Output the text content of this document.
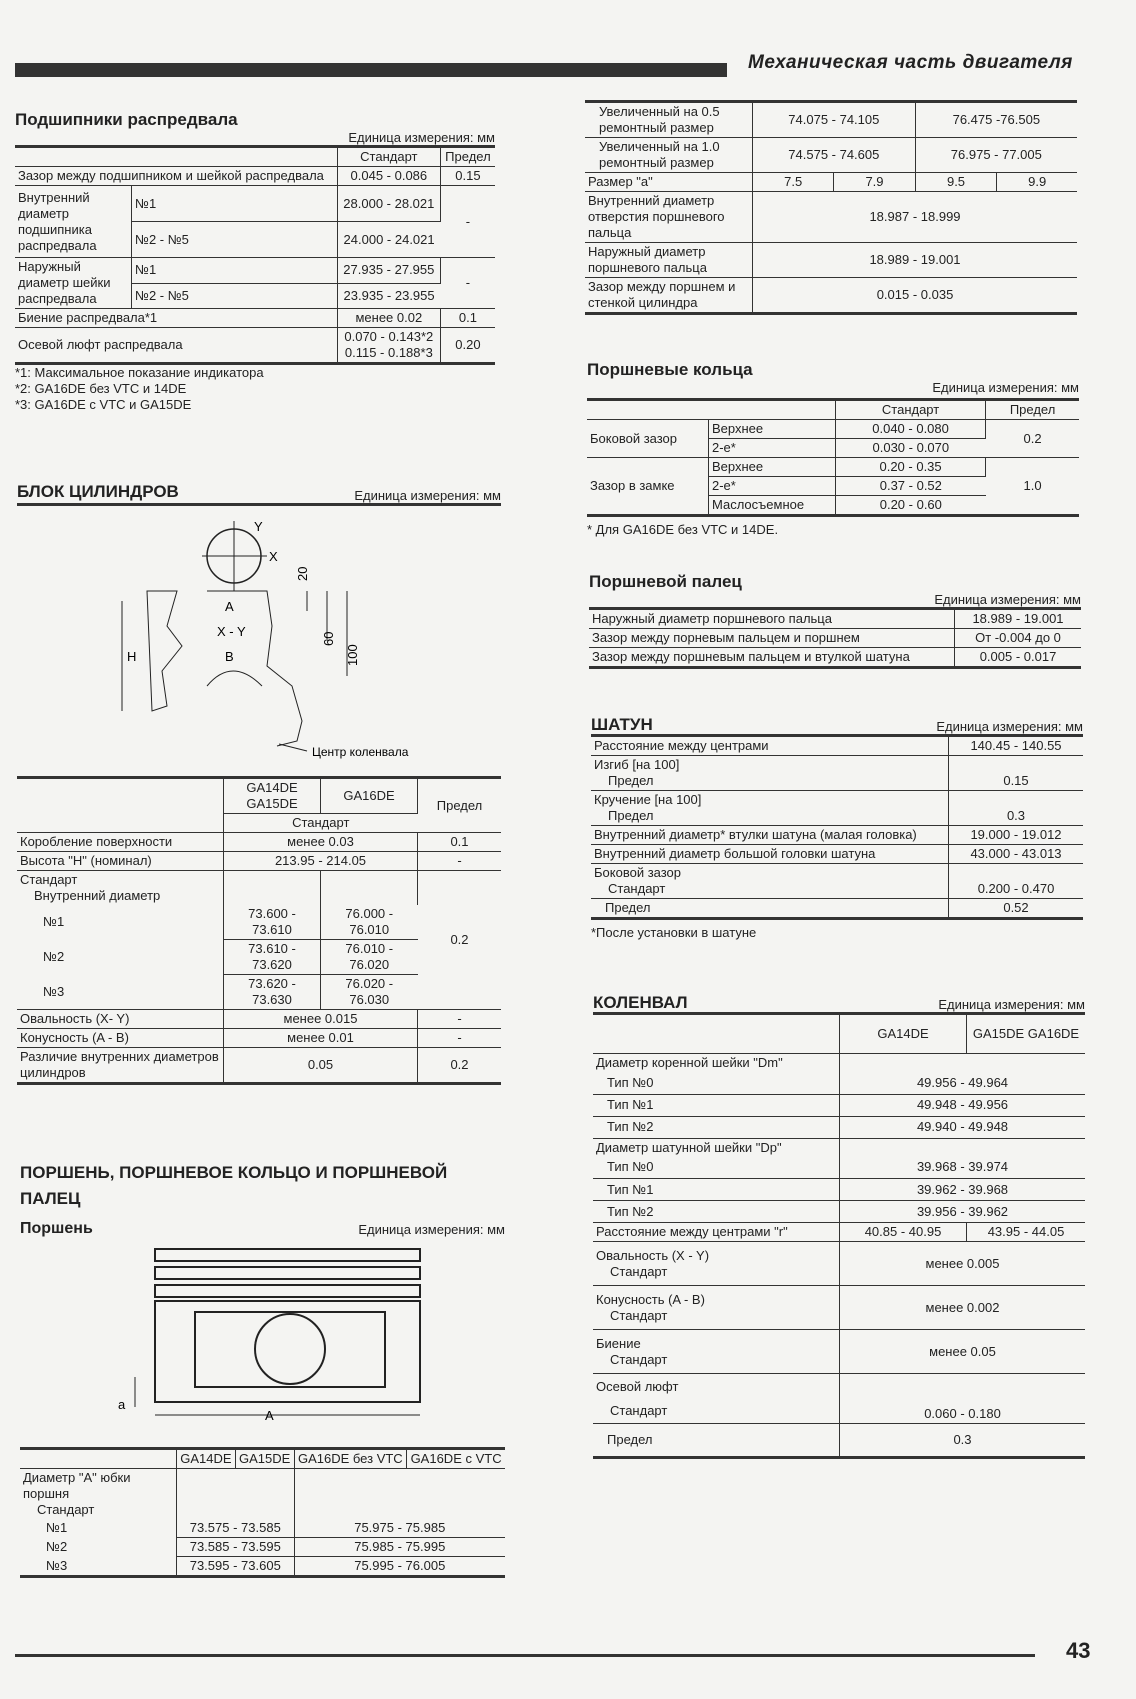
Механическая часть двигателя
Подшипники распредвала
Единица измерения: мм
		Стандарт	Предел
Зазор между подшипником и шейкой распредвала		0.045 - 0.086	0.15
Внутренний диаметр подшипника распредвала	№1	28.000 - 28.021	-
	№2 - №5	24.000 - 24.021	
Наружный диаметр шейки распредвала	№1	27.935 - 27.955	-
	№2 - №5	23.935 - 23.955	
Биение распредвала*1		менее 0.02	0.1
Осевой люфт распредвала		0.070 - 0.143*2
0.115 - 0.188*3	0.20
*1: Максимальное показание индикатора
*2: GA16DE без VTC и 14DE
*3: GA16DE с VTC и GA15DE
БЛОК ЦИЛИНДРОВ	Единица измерения: мм
Y
X
H
A
X - Y
B
20
60
100
Центр коленвала
	GA14DE GA15DE	GA16DE	Предел
	Стандарт		
Коробление поверхности	менее 0.03		0.1
Высота "H" (номинал)	213.95 - 214.05		-

Стандарт
Внутренний диаметр			0.2
№1	73.600 - 73.610	76.000 - 76.010	
№2	73.610 - 73.620	76.010 - 76.020	
№3	73.620 - 73.630	76.020 - 76.030	
Овальность (X- Y)	менее 0.015		-
Конусность (A - B)	менее 0.01		-
Различие внутренних диаметров цилиндров	0.05		0.2
ПОРШЕНЬ, ПОРШНЕВОЕ КОЛЬЦО И ПОРШНЕВОЙ ПАЛЕЦ
Поршень	Единица измерения: мм
A
a
	GA14DE	GA15DE	GA16DE без VTC	GA16DE с VTC

Диаметр "A" юбки поршня
Стандарт				

№1	73.575 - 73.585		75.975 - 75.985	
№2	73.585 - 73.595		75.985 - 75.995	
№3	73.595 - 73.605		75.995 - 76.005	
Увеличенный на 0.5 ремонтный размер	74.075 - 74.105		76.475 -76.505	
Увеличенный на 1.0 ремонтный размер	74.575 - 74.605		76.975 - 77.005	
Размер "a"	7.5	7.9	9.5	9.9
Внутренний диаметр отверстия поршневого пальца	18.987 - 18.999			
Наружный диаметр поршневого пальца	18.989 - 19.001			
Зазор между поршнем и стенкой цилиндра	0.015 - 0.035			
Поршневые кольца
Единица измерения: мм
		Стандарт	Предел
Боковой зазор	Верхнее	0.040 - 0.080	0.2
	2-е*	0.030 - 0.070	
Зазор в замке	Верхнее	0.20 - 0.35	1.0
	2-е*	0.37 - 0.52	
	Маслосъемное	0.20 - 0.60	
* Для GA16DE без VTC и 14DE.
Поршневой палец
Единица измерения: мм
Наружный диаметр поршневого пальца	18.989 - 19.001
Зазор между порневым пальцем и поршнем	От -0.004 до 0
Зазор между поршневым пальцем и втулкой шатуна	0.005 - 0.017
ШАТУН	Единица измерения: мм
Расстояние между центрами	140.45 - 140.55

Изгиб [на 100]
Предел	0.15

Кручение [на 100]
Предел	0.3
Внутренний диаметр* втулки шатуна (малая головка)	19.000 - 19.012
Внутренний диаметр большой головки шатуна	43.000 - 43.013

Боковой зазор
Стандарт	0.200 - 0.470
Предел	0.52
*После установки в шатуне
КОЛЕНВАЛ	Единица измерения: мм
	GA14DE	GA15DE GA16DE
Диаметр коренной шейки "Dm"		
Тип №0	49.956 - 49.964	
Тип №1	49.948 - 49.956	
Тип №2	49.940 - 49.948	
Диаметр шатунной шейки "Dp"		
Тип №0	39.968 - 39.974	
Тип №1	39.962 - 39.968	
Тип №2	39.956 - 39.962	
Расстояние между центрами "r"	40.85 - 40.95	43.95 - 44.05

Овальность (X - Y)
Стандарт	менее 0.005	

Конусность (A - B)
Стандарт	менее 0.002	

Биение
Стандарт	менее 0.05	

Осевой люфт
Стандарт	0.060 - 0.180	
Предел	0.3	
43
